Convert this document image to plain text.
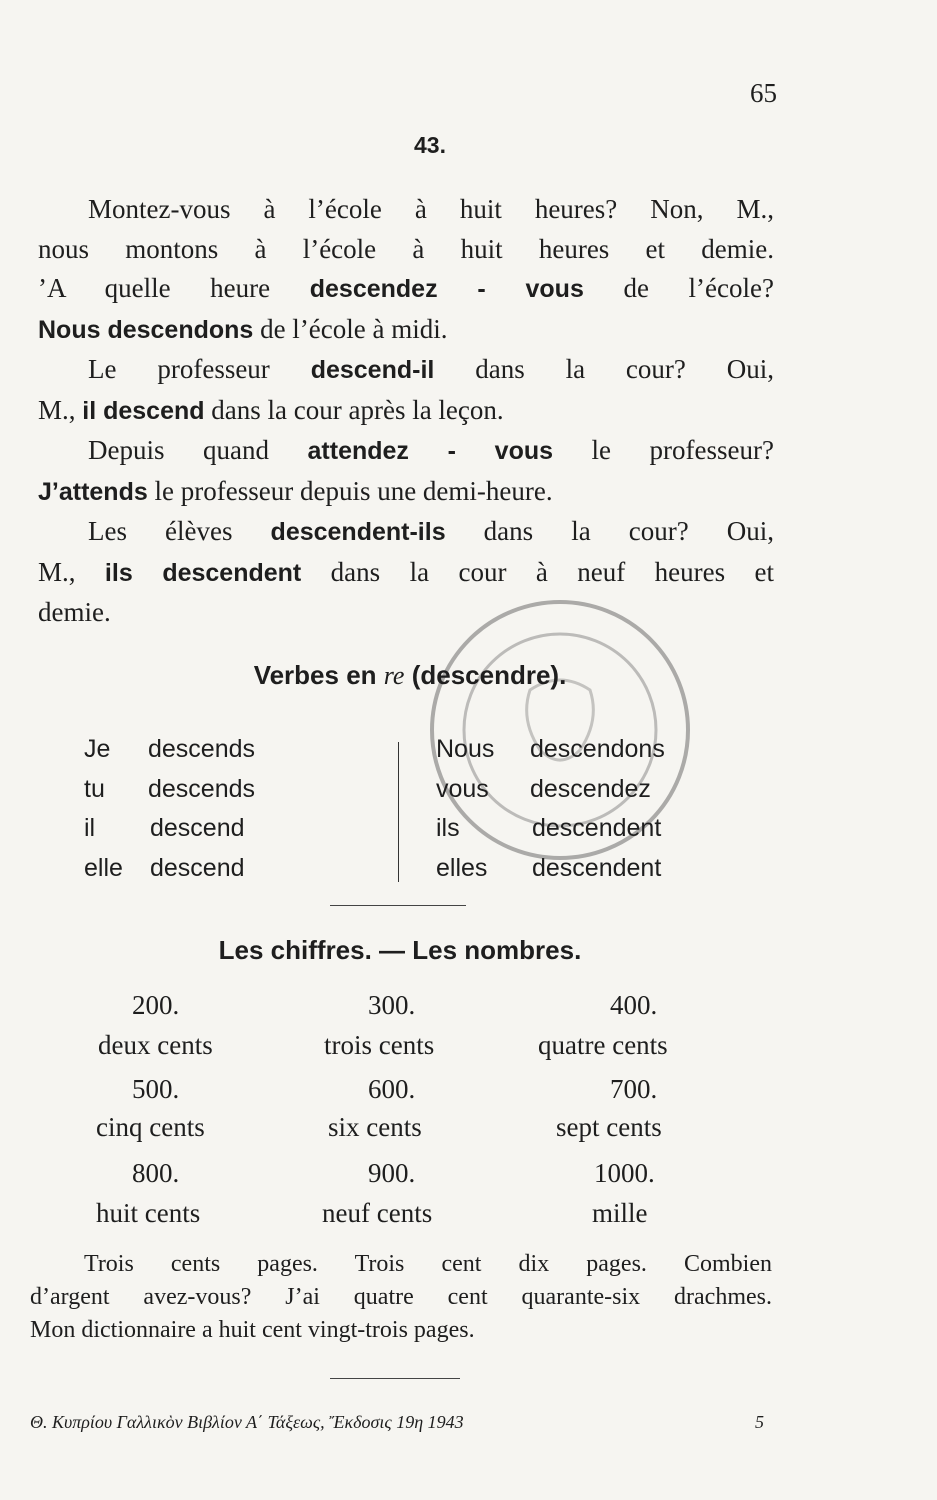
65
43.
Montez-vous à l’école à huit heures? Non, M.,
nous montons à l’école à huit heures et demie.
’A quelle heure descendez - vous de l’école?
Nous descendons de l’école à midi.
Le professeur descend-il dans la cour? Oui,
M., il descend dans la cour après la leçon.
Depuis quand attendez - vous le professeur?
J’attends le professeur depuis une demi-heure.
Les élèves descendent-ils dans la cour? Oui,
M., ils descendent dans la cour à neuf heures et
demie.
Verbes en re (descendre).
Je	descends
tu	descends
il	descend
elle	descend
Nous	descendons
vous	descendez
ils	descendent
elles	descendent
Les chiffres. — Les nombres.
200.	300.	400.
deux cents	trois cents	quatre cents
500.	600.	700.
cinq cents	six cents	sept cents
800.	900.	1000.
huit cents	neuf cents	mille
Trois cents pages. Trois cent dix pages. Combien
d’argent avez-vous? J’ai quatre cent quarante-six drachmes.
Mon dictionnaire a huit cent vingt-trois pages.
Θ. Κυπρίου Γαλλικὸν Βιβλίον Α΄ Τάξεως, Ἔκδοσις 19η 1943	5
